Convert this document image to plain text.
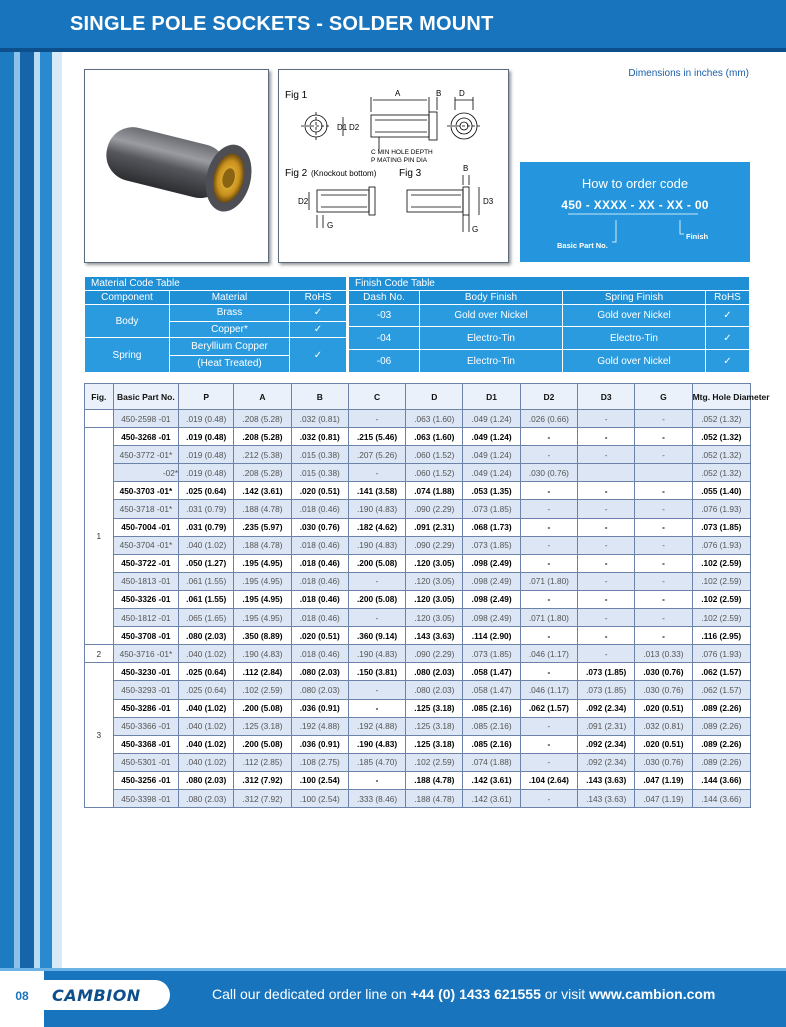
SINGLE POLE SOCKETS - SOLDER MOUNT
Fig 1	A	B D
D1 D2
C MIN HOLE DEPTH
P MATING PIN DIA
Fig 2 (Knockout bottom) Fig 3
D2
G
B
D3
G
Dimensions in inches (mm)
How to order code
450 - XXXX - XX - XX - 00
Basic Part No.
Finish
Material Code Table		
Component	Material	RoHS
Body	Brass	✓
	Copper*	✓
Spring	Beryllium Copper	✓
	(Heat Treated)	
Finish Code Table			
Dash No.	Body Finish	Spring Finish	RoHS
-03	Gold over Nickel	Gold over Nickel	✓
-04	Electro-Tin	Electro-Tin	✓
-06	Electro-Tin	Gold over Nickel	✓
Fig.	Basic Part No.	P	A	B	C	D	D1	D2	D3	G	Mtg. Hole Diameter
	450-2598 -01	.019 (0.48)	.208 (5.28)	.032 (0.81)	-	.063 (1.60)	.049 (1.24)	.026 (0.66)	-	-	.052 (1.32)
1	450-3268 -01	.019 (0.48)	.208 (5.28)	.032 (0.81)	.215 (5.46)	.063 (1.60)	.049 (1.24)	-	-	-	.052 (1.32)
	450-3772 -01*	.019 (0.48)	.212 (5.38)	.015 (0.38)	.207 (5.26)	.060 (1.52)	.049 (1.24)	-	-	-	.052 (1.32)
	-02*	.019 (0.48)	.208 (5.28)	.015 (0.38)	-	.060 (1.52)	.049 (1.24)	.030 (0.76)			.052 (1.32)
	450-3703 -01*	.025 (0.64)	.142 (3.61)	.020 (0.51)	.141 (3.58)	.074 (1.88)	.053 (1.35)	-	-	-	.055 (1.40)
	450-3718 -01*	.031 (0.79)	.188 (4.78)	.018 (0.46)	.190 (4.83)	.090 (2.29)	.073 (1.85)	-	-	-	.076 (1.93)
	450-7004 -01	.031 (0.79)	.235 (5.97)	.030 (0.76)	.182 (4.62)	.091 (2.31)	.068 (1.73)	-	-	-	.073 (1.85)
	450-3704 -01*	.040 (1.02)	.188 (4.78)	.018 (0.46)	.190 (4.83)	.090 (2.29)	.073 (1.85)	-	-	-	.076 (1.93)
	450-3722 -01	.050 (1.27)	.195 (4.95)	.018 (0.46)	.200 (5.08)	.120 (3.05)	.098 (2.49)	-	-	-	.102 (2.59)
	450-1813 -01	.061 (1.55)	.195 (4.95)	.018 (0.46)	-	.120 (3.05)	.098 (2.49)	.071 (1.80)	-	-	.102 (2.59)
	450-3326 -01	.061 (1.55)	.195 (4.95)	.018 (0.46)	.200 (5.08)	.120 (3.05)	.098 (2.49)	-	-	-	.102 (2.59)
	450-1812 -01	.065 (1.65)	.195 (4.95)	.018 (0.46)	-	.120 (3.05)	.098 (2.49)	.071 (1.80)	-	-	.102 (2.59)
	450-3708 -01	.080 (2.03)	.350 (8.89)	.020 (0.51)	.360 (9.14)	.143 (3.63)	.114 (2.90)	-	-	-	.116 (2.95)
2	450-3716 -01*	.040 (1.02)	.190 (4.83)	.018 (0.46)	.190 (4.83)	.090 (2.29)	.073 (1.85)	.046 (1.17)	-	.013 (0.33)	.076 (1.93)
3	450-3230 -01	.025 (0.64)	.112 (2.84)	.080 (2.03)	.150 (3.81)	.080 (2.03)	.058 (1.47)	-	.073 (1.85)	.030 (0.76)	.062 (1.57)
	450-3293 -01	.025 (0.64)	.102 (2.59)	.080 (2.03)	-	.080 (2.03)	.058 (1.47)	.046 (1.17)	.073 (1.85)	.030 (0.76)	.062 (1.57)
	450-3286 -01	.040 (1.02)	.200 (5.08)	.036 (0.91)	-	.125 (3.18)	.085 (2.16)	.062 (1.57)	.092 (2.34)	.020 (0.51)	.089 (2.26)
	450-3366 -01	.040 (1.02)	.125 (3.18)	.192 (4.88)	.192 (4.88)	.125 (3.18)	.085 (2.16)	-	.091 (2.31)	.032 (0.81)	.089 (2.26)
	450-3368 -01	.040 (1.02)	.200 (5.08)	.036 (0.91)	.190 (4.83)	.125 (3.18)	.085 (2.16)	-	.092 (2.34)	.020 (0.51)	.089 (2.26)
	450-5301 -01	.040 (1.02)	.112 (2.85)	.108 (2.75)	.185 (4.70)	.102 (2.59)	.074 (1.88)	-	.092 (2.34)	.030 (0.76)	.089 (2.26)
	450-3256 -01	.080 (2.03)	.312 (7.92)	.100 (2.54)	-	.188 (4.78)	.142 (3.61)	.104 (2.64)	.143 (3.63)	.047 (1.19)	.144 (3.66)
	450-3398 -01	.080 (2.03)	.312 (7.92)	.100 (2.54)	.333 (8.46)	.188 (4.78)	.142 (3.61)	-	.143 (3.63)	.047 (1.19)	.144 (3.66)
08	CAMBION	Call our dedicated order line on +44 (0) 1433 621555 or visit www.cambion.com
